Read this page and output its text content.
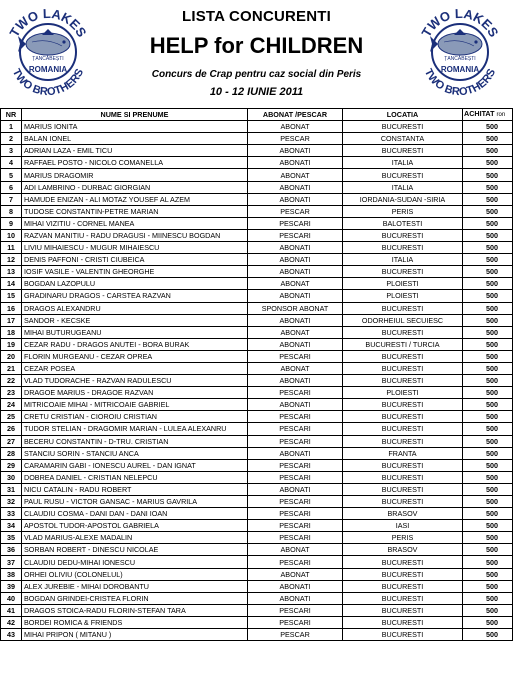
TWO LAKES
TWO BROTHERS
ȚANCĂBEȘTI
ROMANIA
LISTA CONCURENTI
HELP for CHILDREN
Concurs de Crap pentru caz social din Peris
10 - 12 IUNIE 2011
TWO LAKES
TWO BROTHERS
ȚANCĂBEȘTI
ROMANIA
NR	NUME SI PRENUME	ABONAT /PESCAR	LOCATIA	ACHITAT ron
1	MARIUS IONITA	ABONAT	BUCURESTI	500
2	BALAN IONEL	PESCAR	CONSTANTA	500
3	ADRIAN LAZA - EMIL TICU	ABONATI	BUCURESTI	500
4	RAFFAEL POSTO - NICOLO COMANELLA	ABONATI	ITALIA	500
5	MARIUS DRAGOMIR	ABONAT	BUCURESTI	500
6	ADI LAMBRINO - DURBAC GIORGIAN	ABONATI	ITALIA	500
7	HAMUDE ENIZAN - ALI MOTAZ YOUSEF AL AZEM	ABONATI	IORDANIA-SUDAN -SIRIA	500
8	TUDOSE CONSTANTIN-PETRE MARIAN	PESCAR	PERIS	500
9	MIHAI VIZITIU - CORNEL MANEA	PESCARI	BALOTESTI	500
10	RAZVAN MANITIU - RADU DRAGUSI - MIINESCU BOGDAN	PESCARI	BUCURESTI	500
11	LIVIU MIHAIESCU - MUGUR MIHAIESCU	ABONATI	BUCURESTI	500
12	DENIS PAFFONI - CRISTI CIUBEICA	ABONATI	ITALIA	500
13	IOSIF VASILE - VALENTIN GHEORGHE	ABONATI	BUCURESTI	500
14	BOGDAN LAZOPULU	ABONAT	PLOIESTI	500
15	GRADINARU DRAGOS - CARSTEA RAZVAN	ABONATI	PLOIESTI	500
16	DRAGOS ALEXANDRU	SPONSOR ABONAT	BUCURESTI	500
17	SANDOR - KECSKE	ABONATI	ODORHEIUL SECUIESC	500
18	MIHAI BUTURUGEANU	ABONAT	BUCURESTI	500
19	CEZAR RADU - DRAGOS ANUTEI - BORA BURAK	ABONATI	BUCURESTI / TURCIA	500
20	FLORIN MURGEANU - CEZAR OPREA	PESCARI	BUCURESTI	500
21	CEZAR POSEA	ABONAT	BUCURESTI	500
22	VLAD TUDORACHE - RAZVAN RADULESCU	ABONATI	BUCURESTI	500
23	DRAGOE MARIUS - DRAGOE RAZVAN	PESCARI	PLOIESTI	500
24	MITRICOAIE MIHAI - MITRICOAIE GABRIEL	ABONATI	BUCURESTI	500
25	CRETU CRISTIAN - CIOROIU CRISTIAN	PESCARI	BUCURESTI	500
26	TUDOR STELIAN - DRAGOMIR MARIAN - LULEA ALEXANRU	PESCARI	BUCURESTI	500
27	BECERU CONSTANTIN - D-TRU. CRISTIAN	PESCARI	BUCURESTI	500
28	STANCIU SORIN - STANCIU ANCA	ABONATI	FRANTA	500
29	CARAMARIN GABI - IONESCU AUREL - DAN IGNAT	PESCARI	BUCURESTI	500
30	DOBREA DANIEL - CRISTIAN NELEPCU	PESCARI	BUCURESTI	500
31	NICU CATALIN - RADU ROBERT	ABONATI	BUCURESTI	500
32	PAUL RUSU - VICTOR GANSAC - MARIUS GAVRILA	PESCARI	BUCURESTI	500
33	CLAUDIU COSMA - DANI DAN - DANI IOAN	PESCARI	BRASOV	500
34	APOSTOL TUDOR-APOSTOL GABRIELA	PESCARI	IASI	500
35	VLAD MARIUS-ALEXE MADALIN	PESCARI	PERIS	500
36	SORBAN ROBERT - DINESCU NICOLAE	ABONAT	BRASOV	500
37	CLAUDIU DEDU-MIHAI IONESCU	PESCARI	BUCURESTI	500
38	ORHEI OLIVIU (COLONELUL)	ABONAT	BUCURESTI	500
39	ALEX JUREBIE - MIHAI DOROBANTU	ABONATI	BUCURESTI	500
40	BOGDAN GRINDEI-CRISTEA FLORIN	ABONATI	BUCURESTI	500
41	DRAGOS STOICA-RADU FLORIN-STEFAN TARA	PESCARI	BUCURESTI	500
42	BORDEI ROMICA & FRIENDS	PESCARI	BUCURESTI	500
43	MIHAI PRIPON ( MITANU )	PESCAR	BUCURESTI	500
